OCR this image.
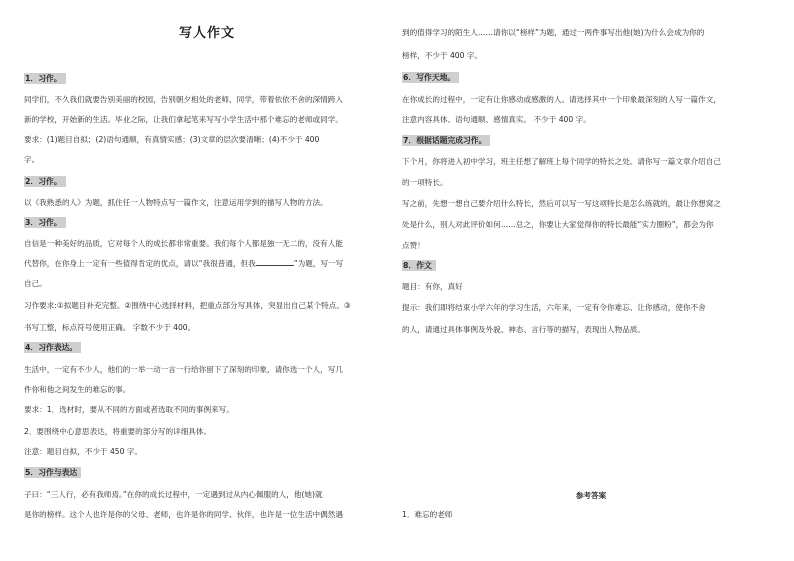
写人作文
1．习作。
同学们，不久我们就要告别美丽的校园，告别朝夕相处的老师、同学，带着依依不舍的深情跨入
新的学校，开始新的生活。毕业之际，让我们拿起笔来写写小学生活中那个难忘的老师或同学。
要求：(1)题目自拟；(2)语句通顺，有真情实感；(3)文章的层次要清晰；(4)不少于 400
字。
2．习作。
以《我熟悉的人》为题，抓住任一人物特点写一篇作文，注意运用学到的描写人物的方法。
3．习作。
自信是一种美好的品质，它对每个人的成长都非常重要。我们每个人都是独一无二的，没有人能
代替你，在你身上一定有一些值得肯定的优点，请以“我很普通，但我	”为题，写一写
自己。
习作要求:①拟题目补充完整。②围绕中心选择材料，把重点部分写具体，突显出自己某个特点。③
书写工整，标点符号使用正确。 字数不少于 400。
4．习作表达。
生活中，一定有不少人，他们的一举一动一言一行给你留下了深刻的印象，请你选一个人，写几
件你和他之间发生的难忘的事。
要求：1．选材时，要从不同的方面或者选取不同的事例来写。
2．要围绕中心意思表达，将重要的部分写的详细具体。
注意：题目自拟，不少于 450 字。
5．习作与表达
子曰：“三人行，必有我师焉。”在你的成长过程中，一定遇到过从内心佩服的人，他(她)就
是你的榜样。这个人也许是你的父母、老师，也许是你的同学、伙伴，也许是一位生活中偶然遇
到的值得学习的陌生人……请你以“榜样”为题，通过一两件事写出他(她)为什么会成为你的
榜样，不少于 400 字。
6．写作天地。
在你成长的过程中，一定有让你感动或感激的人。请选择其中一个印象最深刻的人写一篇作文，
注意内容具体、语句通顺、感情真实。 不少于 400 字。
7．根据话题完成习作。
下个月，你将进入初中学习，班主任想了解班上每个同学的特长之处。请你写一篇文章介绍自己
的一项特长。
写之前，先想一想自己要介绍什么特长，然后可以写一写这项特长是怎么练就的，最让你想窝之
处是什么，别人对此评价如何……总之，你要让大家觉得你的特长最能“实力圈粉”，都会为你
点赞！
8．作文
题目：有你，真好
提示：我们即将结束小学六年的学习生活，六年来，一定有令你难忘、让你感动，使你不舍
的人，请通过具体事例及外貌、神态、言行等的描写，表现出人物品质。
参考答案
1．难忘的老师
